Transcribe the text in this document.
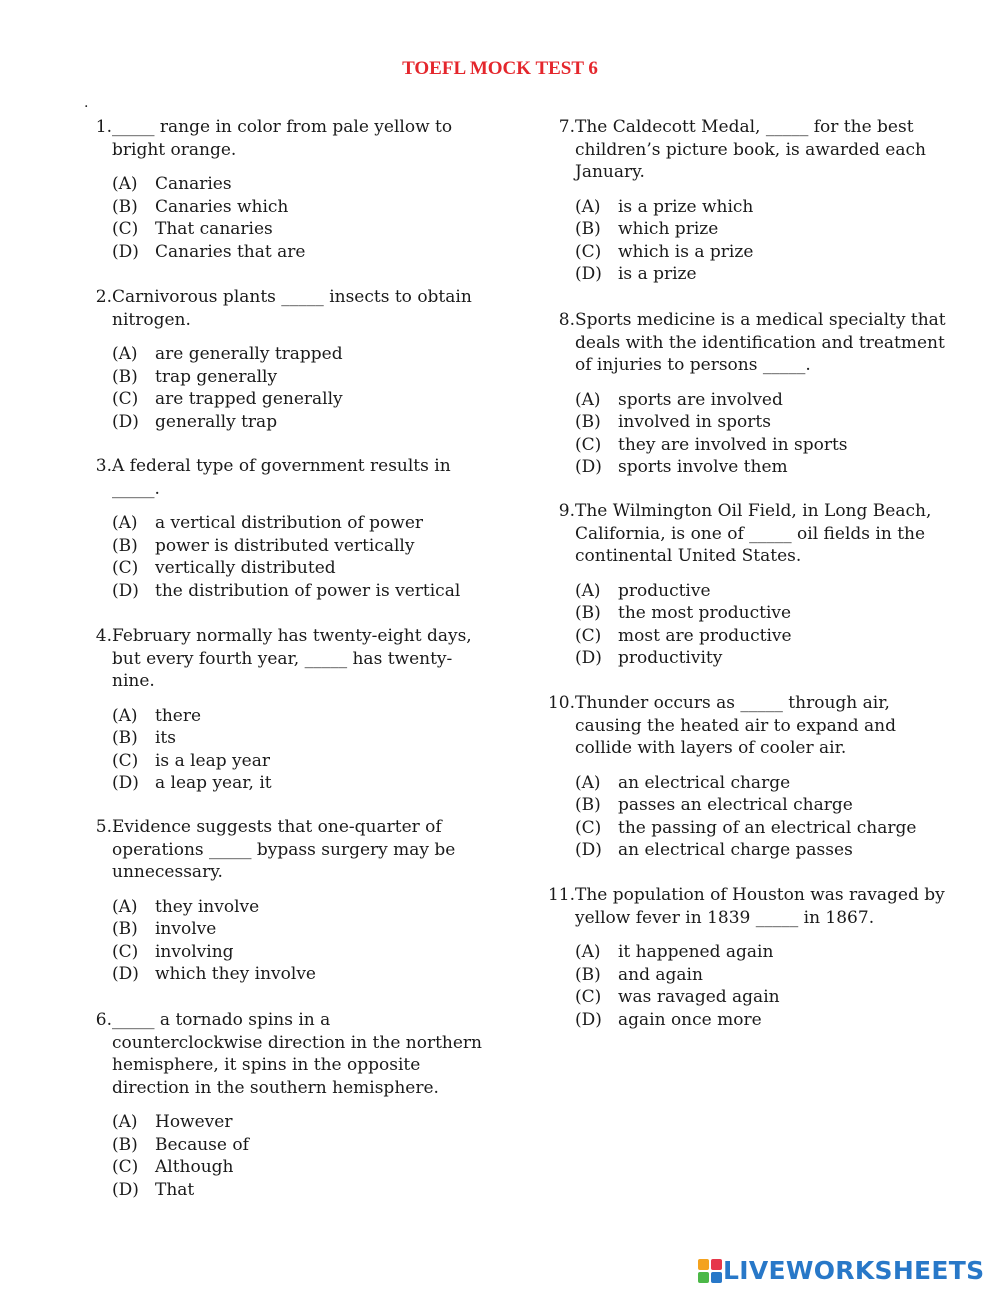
TOEFL MOCK TEST 6
.
1. _____ range in color from pale yellow to bright orange.
(A)	Canaries
(B)	Canaries which
(C) That canaries
(D) Canaries that are
2. Carnivorous plants _____ insects to obtain nitrogen.
(A)	are generally trapped
(B)	trap generally
(C) are trapped generally
(D) generally trap
3. A federal type of government results in _____.
(A)	a vertical distribution of power
(B)	power is distributed vertically
(C) vertically distributed
(D) the distribution of power is vertical
4. February normally has twenty-eight days, but every fourth year, _____ has twenty-nine.
(A)	there
(B)	its
(C) is a leap year
(D) a leap year, it
5. Evidence suggests that one-quarter of operations _____ bypass surgery may be unnecessary.
(A)	they involve
(B)	involve
(C) involving
(D) which they involve
6. _____ a tornado spins in a counterclockwise direction in the northern hemisphere, it spins in the opposite direction in the southern hemisphere.
(A)	However
(B)	Because of
(C) Although
(D) That
7. The Caldecott Medal, _____ for the best children’s picture book, is awarded each January.
(A)	is a prize which
(B)	which prize
(C) which is a prize
(D) is a prize
8. Sports medicine is a medical specialty that deals with the identification and treatment of injuries to persons _____.
(A)	sports are involved
(B)	involved in sports
(C) they are involved in sports
(D) sports involve them
9. The Wilmington Oil Field, in Long Beach, California, is one of _____ oil fields in the continental United States.
(A)	productive
(B)	the most productive
(C) most are productive
(D) productivity
10. Thunder occurs as _____ through air, causing the heated air to expand and collide with layers of cooler air.
(A)	an electrical charge
(B)	passes an electrical charge
(C) the passing of an electrical charge
(D) an electrical charge passes
11. The population of Houston was ravaged by yellow fever in 1839 _____ in 1867.
(A)	it happened again
(B)	and again
(C) was ravaged again
(D) again once more
LIVEWORKSHEETS
